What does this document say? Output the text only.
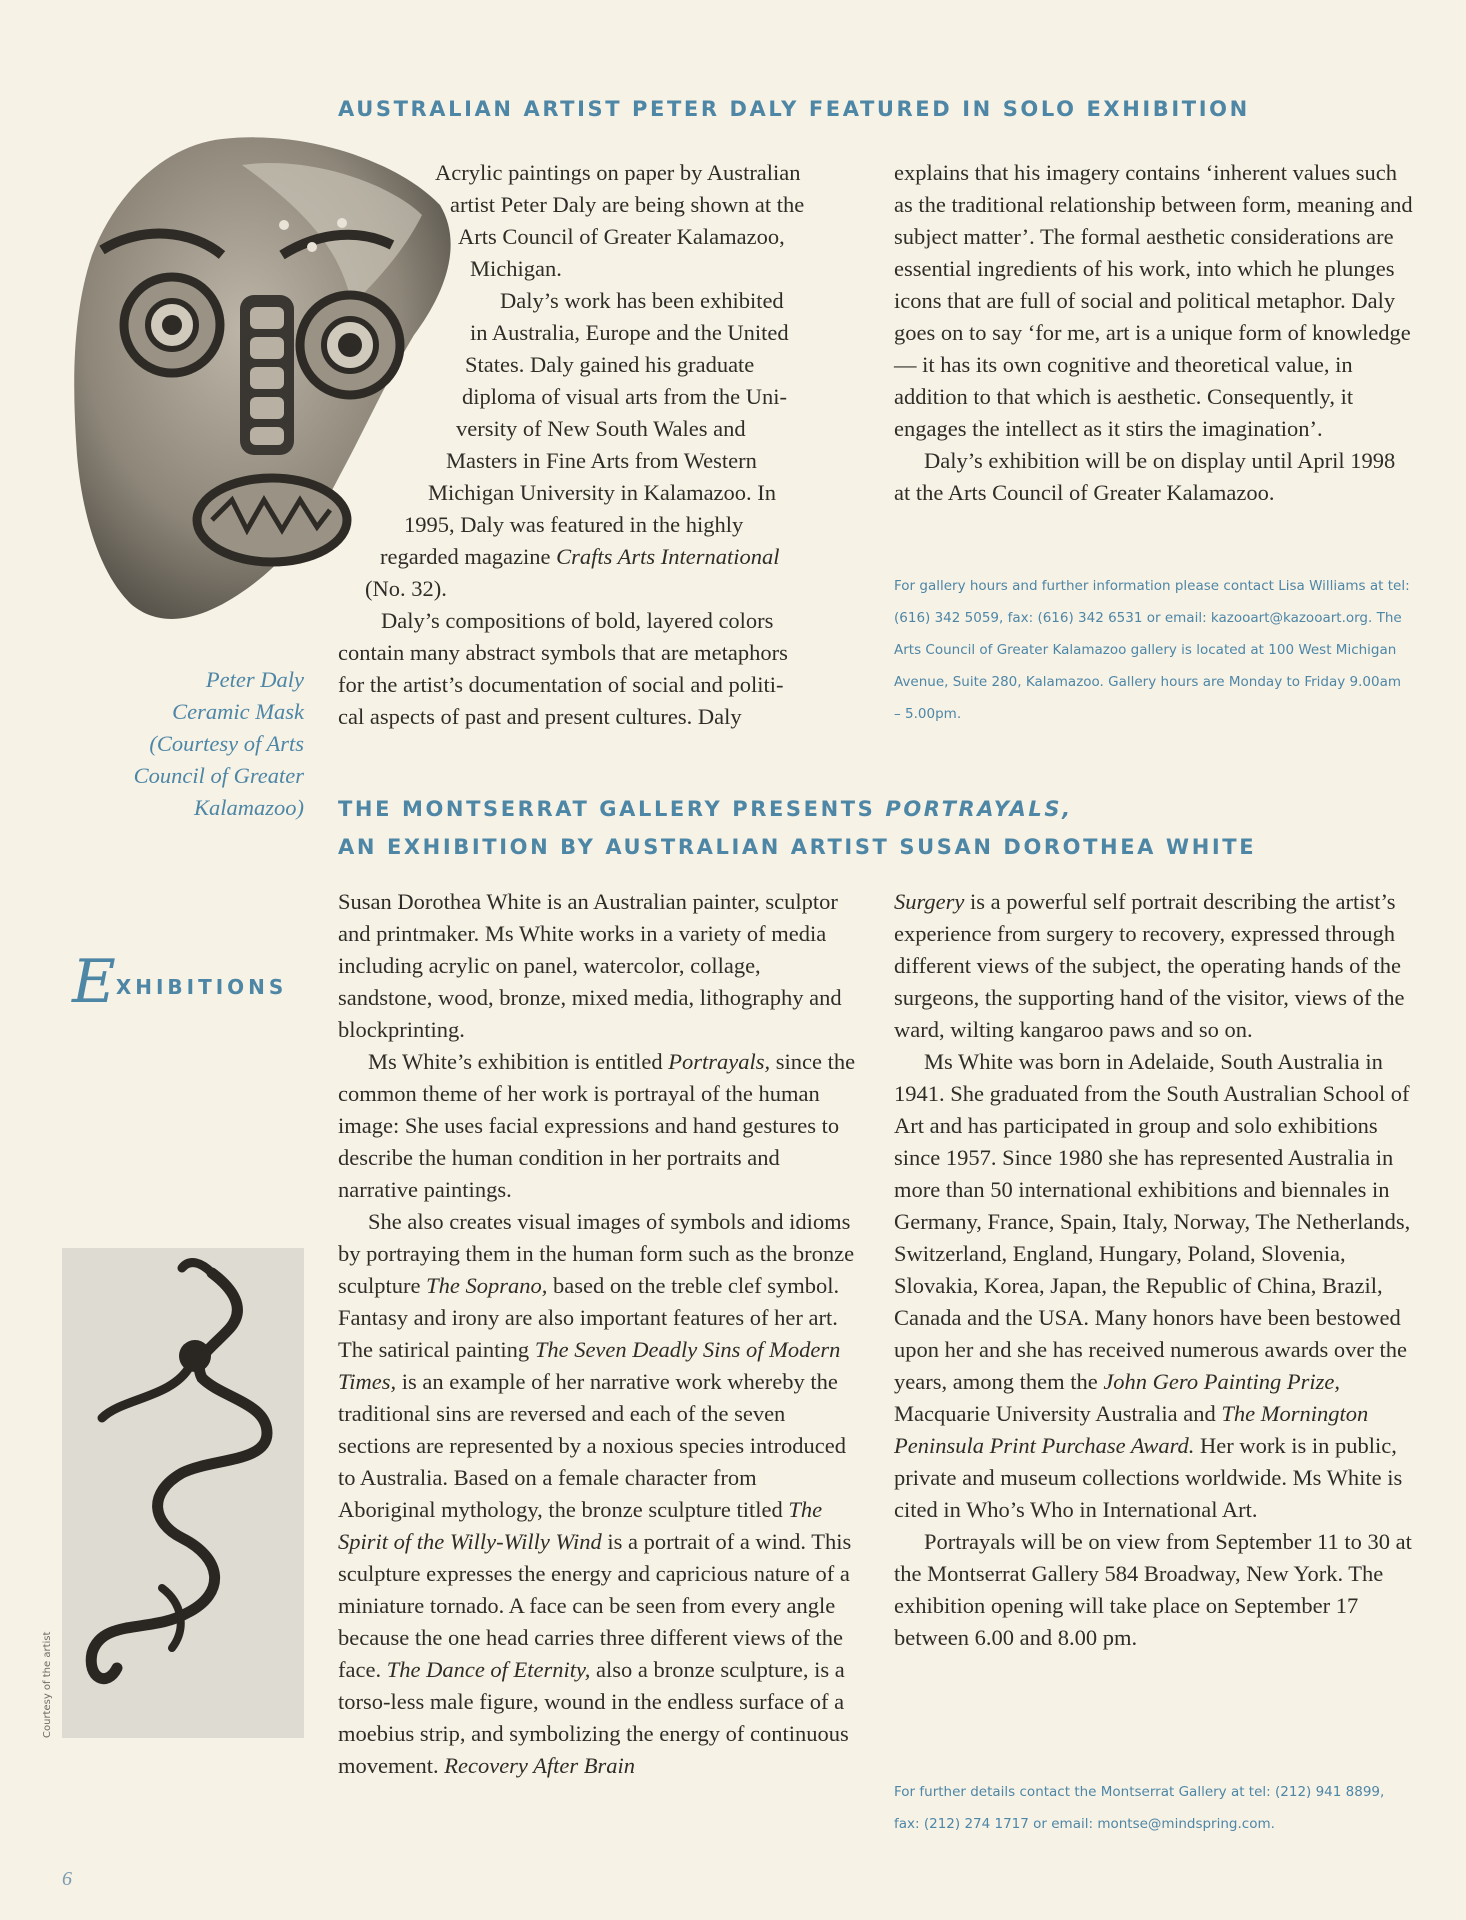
AUSTRALIAN ARTIST PETER DALY FEATURED IN SOLO EXHIBITION
Acrylic paintings on paper by Australian
artist Peter Daly are being shown at the
Arts Council of Greater Kalamazoo,
Michigan.
Daly’s work has been exhibited
in Australia, Europe and the United
States. Daly gained his graduate
diploma of visual arts from the Uni-
versity of New South Wales and
Masters in Fine Arts from Western
Michigan University in Kalamazoo. In
1995, Daly was featured in the highly
regarded magazine Crafts Arts International
(No. 32).
Daly’s compositions of bold, layered colors
contain many abstract symbols that are metaphors
for the artist’s documentation of social and politi-
cal aspects of past and present cultures. Daly

explains that his imagery contains ‘inherent values such as the traditional relationship between form, meaning and subject matter’. The formal aesthetic considerations are essential ingredients of his work, into which he plunges icons that are full of social and political metaphor. Daly goes on to say ‘for me, art is a unique form of knowledge — it has its own cognitive and theoretical value, in addition to that which is aesthetic. Consequently, it engages the intellect as it stirs the imagination’.

Daly’s exhibition will be on display until April 1998 at the Arts Council of Greater Kalamazoo.

For gallery hours and further information please contact Lisa Williams at tel: (616) 342 5059, fax: (616) 342 6531 or email: kazooart@kazooart.org. The Arts Council of Greater Kalamazoo gallery is located at 100 West Michigan Avenue, Suite 280, Kalamazoo. Gallery hours are Monday to Friday 9.00am – 5.00pm.
Peter Daly
Ceramic Mask
(Courtesy of Arts
Council of Greater
Kalamazoo) THE MONTSERRAT GALLERY PRESENTS PORTRAYALS,
AN EXHIBITION BY AUSTRALIAN ARTIST SUSAN DOROTHEA WHITE
EXHIBITIONS
Courtesy of the artist

Susan Dorothea White is an Australian painter, sculptor and printmaker. Ms White works in a variety of media including acrylic on panel, watercolor, collage, sandstone, wood, bronze, mixed media, lithography and blockprinting.

Ms White’s exhibition is entitled Portrayals, since the common theme of her work is portrayal of the human image: She uses facial expressions and hand gestures to describe the human condition in her portraits and narrative paintings.

She also creates visual images of symbols and idioms by portraying them in the human form such as the bronze sculpture The Soprano, based on the treble clef symbol. Fantasy and irony are also important features of her art. The satirical painting The Seven Deadly Sins of Modern Times, is an example of her narrative work whereby the traditional sins are reversed and each of the seven sections are represented by a noxious species introduced to Australia. Based on a female character from Aboriginal mythology, the bronze sculpture titled The Spirit of the Willy-Willy Wind is a portrait of a wind. This sculpture expresses the energy and capricious nature of a miniature tornado. A face can be seen from every angle because the one head carries three different views of the face. The Dance of Eternity, also a bronze sculpture, is a torso-less male figure, wound in the endless surface of a moebius strip, and symbolizing the energy of continuous movement. Recovery After Brain

Surgery is a powerful self portrait describing the artist’s experience from surgery to recovery, expressed through different views of the subject, the operating hands of the surgeons, the supporting hand of the visitor, views of the ward, wilting kangaroo paws and so on.

Ms White was born in Adelaide, South Australia in 1941. She graduated from the South Australian School of Art and has participated in group and solo exhibitions since 1957. Since 1980 she has represented Australia in more than 50 international exhibitions and biennales in Germany, France, Spain, Italy, Norway, The Netherlands, Switzerland, England, Hungary, Poland, Slovenia, Slovakia, Korea, Japan, the Republic of China, Brazil, Canada and the USA. Many honors have been bestowed upon her and she has received numerous awards over the years, among them the John Gero Painting Prize, Macquarie University Australia and The Mornington Peninsula Print Purchase Award. Her work is in public, private and museum collections worldwide. Ms White is cited in Who’s Who in International Art.

Portrayals will be on view from September 11 to 30 at the Montserrat Gallery 584 Broadway, New York. The exhibition opening will take place on September 17 between 6.00 and 8.00 pm.

For further details contact the Montserrat Gallery at tel: (212) 941 8899, fax: (212) 274 1717 or email: montse@mindspring.com.
6
